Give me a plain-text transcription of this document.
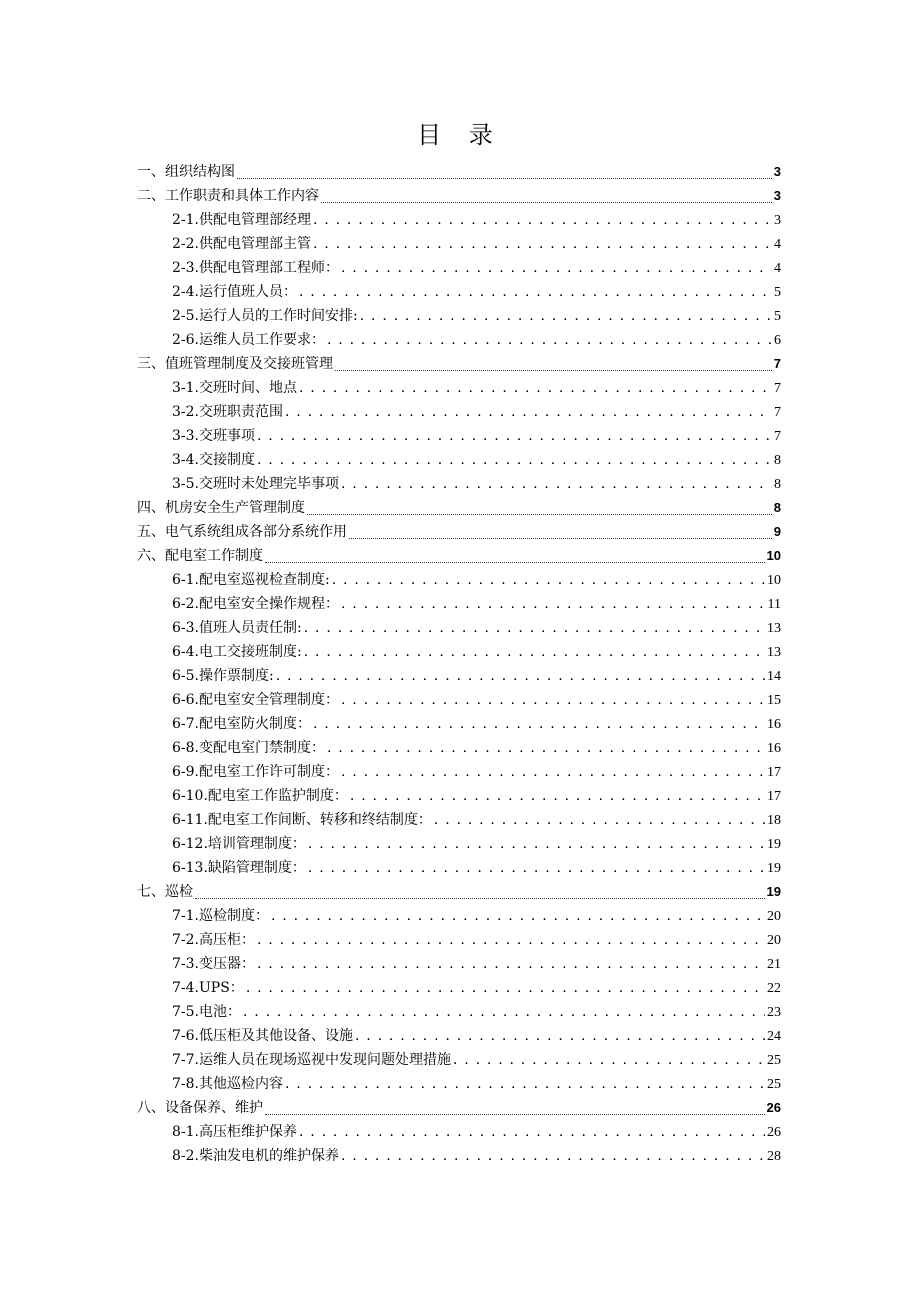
目 录
一、组织结构图	3
二、工作职责和具体工作内容	3
2-1.供配电管理部经理 . . .	3
2-2.供配电管理部主管 . . .	4
2-3.供配电管理部工程师： . . .	4
2-4.运行值班人员： . . .	5
2-5.运行人员的工作时间安排: . . .	5
2-6.运维人员工作要求： . . .	6
三、值班管理制度及交接班管理	7
3-1.交班时间、地点 . . .	7
3-2.交班职责范围 . . .	7
3-3.交班事项 . . .	7
3-4.交接制度 . . .	8
3-5.交班时未处理完毕事项 . . .	8
四、机房安全生产管理制度	8
五、电气系统组成各部分系统作用	9
六、配电室工作制度	10
6-1.配电室巡视检查制度: . . .	10
6-2.配电室安全操作规程： . . .	11
6-3.值班人员责任制: . . .	13
6-4.电工交接班制度: . . .	13
6-5.操作票制度: . . .	14
6-6.配电室安全管理制度： . . .	15
6-7.配电室防火制度： . . .	16
6-8.变配电室门禁制度： . . .	16
6-9.配电室工作许可制度： . . .	17
6-10.配电室工作监护制度： . . .	17
6-11.配电室工作间断、转移和终结制度： . . .	18
6-12.培训管理制度： . . .	19
6-13.缺陷管理制度： . . .	19
七、巡检	19
7-1.巡检制度： . . .	20
7-2.高压柜： . . .	20
7-3.变压器： . . .	21
7-4.UPS： . . .	22
7-5.电池： . . .	23
7-6.低压柜及其他设备、设施 . . .	24
7-7.运维人员在现场巡视中发现问题处理措施 . . .	25
7-8.其他巡检内容 . . .	25
八、设备保养、维护	26
8-1.高压柜维护保养 . . .	26
8-2.柴油发电机的维护保养 . . .	28
